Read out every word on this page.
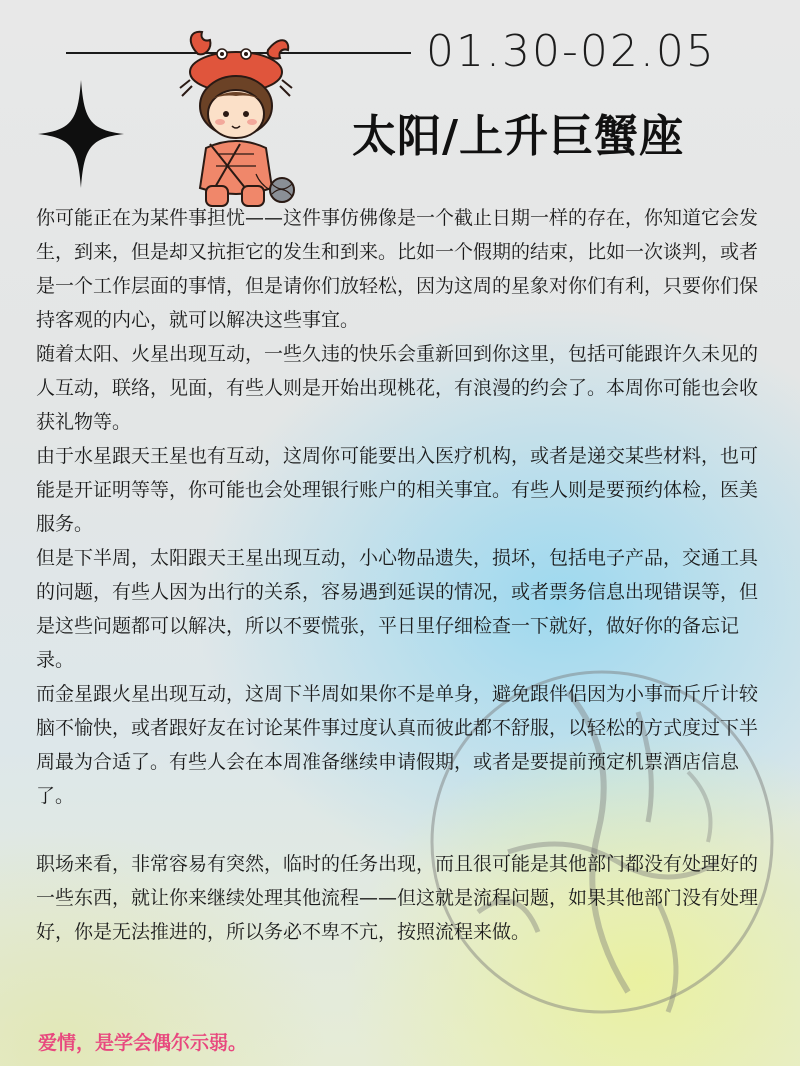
01.30-02.05
太阳/上升巨蟹座

你可能正在为某件事担忧——这件事仿佛像是一个截止日期一样的存在，你知道它会发生，到来，但是却又抗拒它的发生和到来。比如一个假期的结束，比如一次谈判，或者是一个工作层面的事情，但是请你们放轻松，因为这周的星象对你们有利，只要你们保持客观的内心，就可以解决这些事宜。

随着太阳、火星出现互动，一些久违的快乐会重新回到你这里，包括可能跟许久未见的人互动，联络，见面，有些人则是开始出现桃花，有浪漫的约会了。本周你可能也会收获礼物等。

由于水星跟天王星也有互动，这周你可能要出入医疗机构，或者是递交某些材料，也可能是开证明等等，你可能也会处理银行账户的相关事宜。有些人则是要预约体检，医美服务。

但是下半周，太阳跟天王星出现互动，小心物品遗失，损坏，包括电子产品，交通工具的问题，有些人因为出行的关系，容易遇到延误的情况，或者票务信息出现错误等，但是这些问题都可以解决，所以不要慌张，平日里仔细检查一下就好，做好你的备忘记录。

而金星跟火星出现互动，这周下半周如果你不是单身，避免跟伴侣因为小事而斤斤计较脑不愉快，或者跟好友在讨论某件事过度认真而彼此都不舒服，以轻松的方式度过下半周最为合适了。有些人会在本周准备继续申请假期，或者是要提前预定机票酒店信息了。

职场来看，非常容易有突然，临时的任务出现，而且很可能是其他部门都没有处理好的一些东西，就让你来继续处理其他流程——但这就是流程问题，如果其他部门没有处理好，你是无法推进的，所以务必不卑不亢，按照流程来做。

爱情，是学会偶尔示弱。
